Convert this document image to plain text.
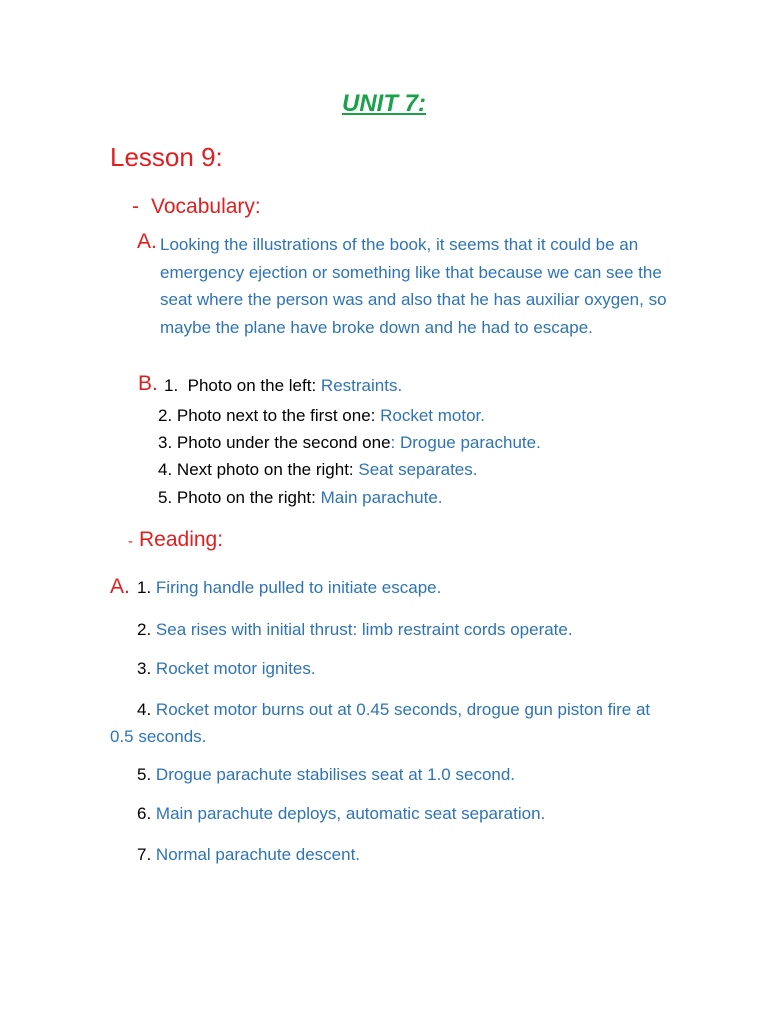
UNIT 7:
Lesson 9:
- Vocabulary:
A. Looking the illustrations of the book, it seems that it could be an emergency ejection or something like that because we can see the seat where the person was and also that he has auxiliar oxygen, so maybe the plane have broke down and he had to escape.
B. 1. Photo on the left: Restraints.
2. Photo next to the first one: Rocket motor.
3. Photo under the second one: Drogue parachute.
4. Next photo on the right: Seat separates.
5. Photo on the right: Main parachute.
- Reading:
A. 1. Firing handle pulled to initiate escape.
2. Sea rises with initial thrust: limb restraint cords operate.
3. Rocket motor ignites.
4. Rocket motor burns out at 0.45 seconds, drogue gun piston fire at 0.5 seconds.
5. Drogue parachute stabilises seat at 1.0 second.
6. Main parachute deploys, automatic seat separation.
7. Normal parachute descent.
